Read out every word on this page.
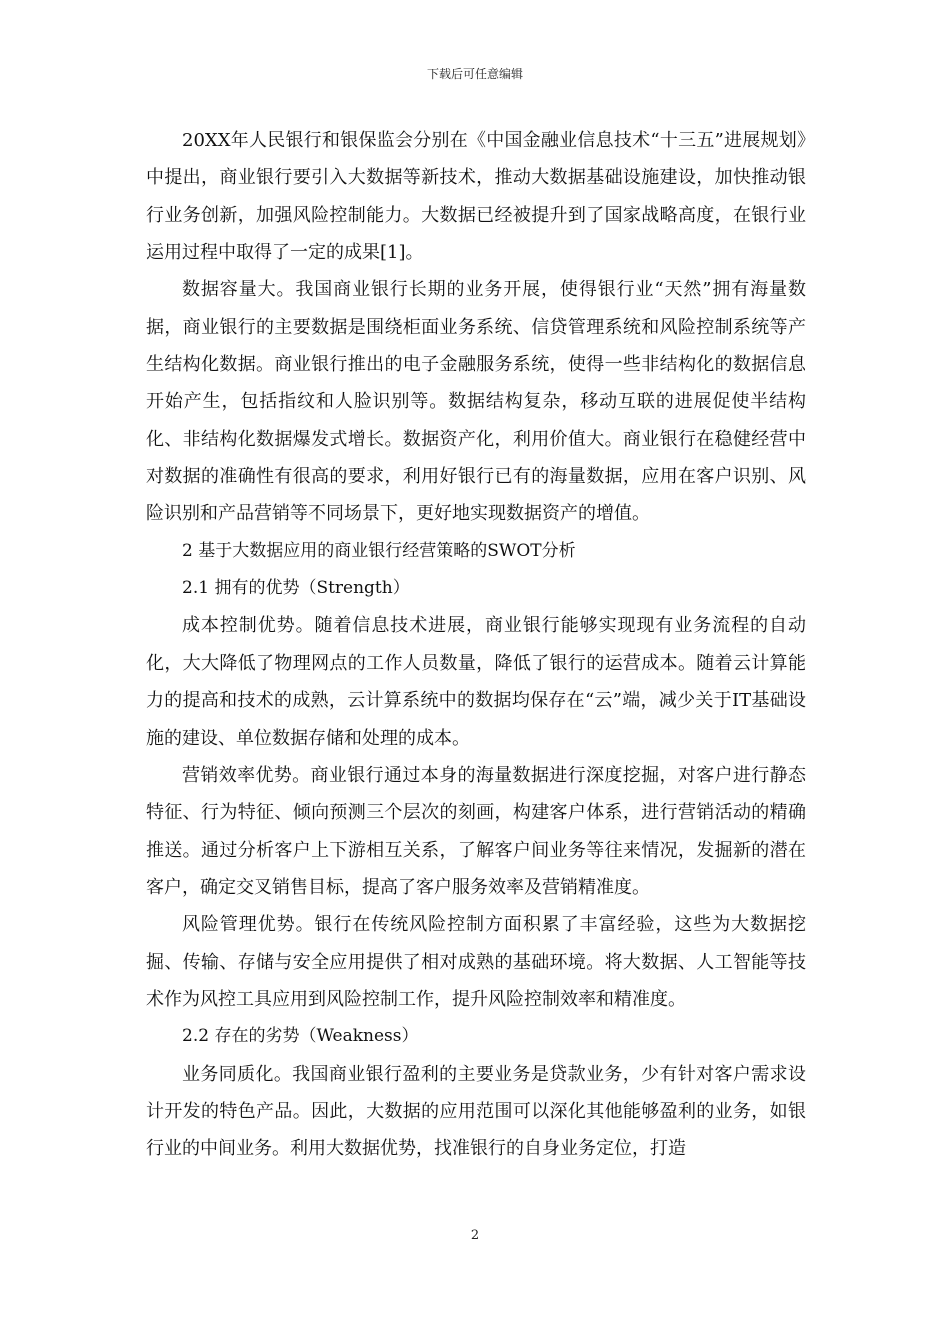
下载后可任意编辑

20XX年人民银行和银保监会分别在《中国金融业信息技术“十三五”进展规划》中提出，商业银行要引入大数据等新技术，推动大数据基础设施建设，加快推动银行业务创新，加强风险控制能力。大数据已经被提升到了国家战略高度，在银行业运用过程中取得了一定的成果[1]。

数据容量大。我国商业银行长期的业务开展，使得银行业“天然”拥有海量数据，商业银行的主要数据是围绕柜面业务系统、信贷管理系统和风险控制系统等产生结构化数据。商业银行推出的电子金融服务系统，使得一些非结构化的数据信息开始产生，包括指纹和人脸识别等。数据结构复杂，移动互联的进展促使半结构化、非结构化数据爆发式增长。数据资产化，利用价值大。商业银行在稳健经营中对数据的准确性有很高的要求，利用好银行已有的海量数据，应用在客户识别、风险识别和产品营销等不同场景下，更好地实现数据资产的增值。

2 基于大数据应用的商业银行经营策略的SWOT分析

2.1 拥有的优势（Strength）

成本控制优势。随着信息技术进展，商业银行能够实现现有业务流程的自动化，大大降低了物理网点的工作人员数量，降低了银行的运营成本。随着云计算能力的提高和技术的成熟，云计算系统中的数据均保存在“云”端，减少关于IT基础设施的建设、单位数据存储和处理的成本。

营销效率优势。商业银行通过本身的海量数据进行深度挖掘，对客户进行静态特征、行为特征、倾向预测三个层次的刻画，构建客户体系，进行营销活动的精确推送。通过分析客户上下游相互关系，了解客户间业务等往来情况，发掘新的潜在客户，确定交叉销售目标，提高了客户服务效率及营销精准度。

风险管理优势。银行在传统风险控制方面积累了丰富经验，这些为大数据挖掘、传输、存储与安全应用提供了相对成熟的基础环境。将大数据、人工智能等技术作为风控工具应用到风险控制工作，提升风险控制效率和精准度。

2.2 存在的劣势（Weakness）

业务同质化。我国商业银行盈利的主要业务是贷款业务，少有针对客户需求设计开发的特色产品。因此，大数据的应用范围可以深化其他能够盈利的业务，如银行业的中间业务。利用大数据优势，找准银行的自身业务定位，打造

2
